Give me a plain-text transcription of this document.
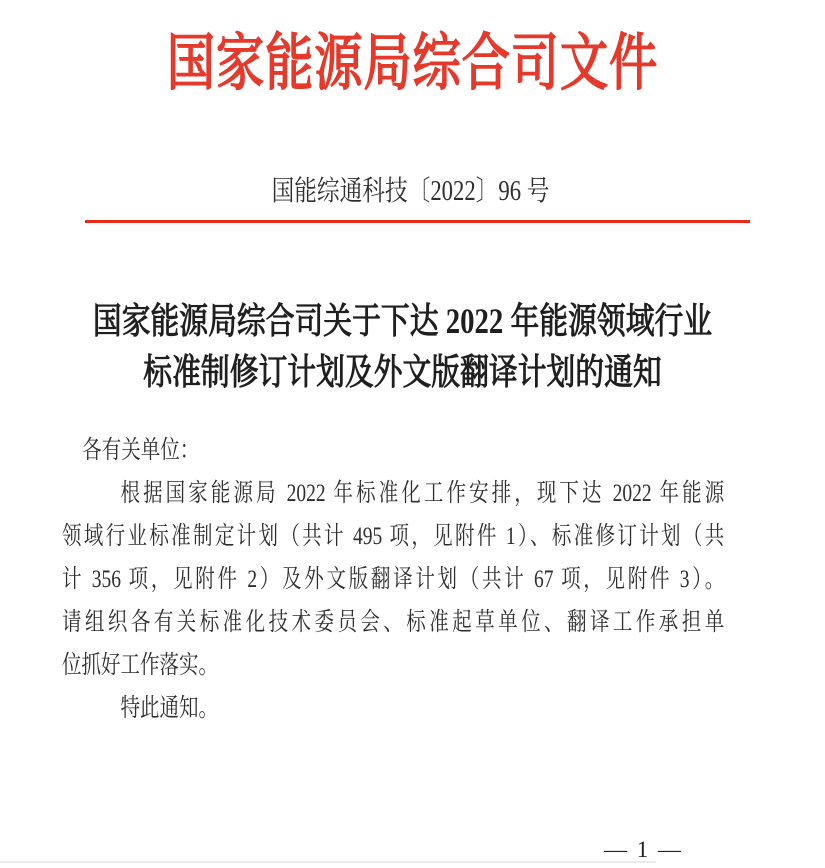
国家能源局综合司文件
国能综通科技〔2022〕96 号
国家能源局综合司关于下达 2022 年能源领域行业
标准制修订计划及外文版翻译计划的通知
各有关单位：
根据国家能源局 2022 年标准化工作安排，现下达 2022 年能源
领域行业标准制定计划（共计 495 项，见附件 1）、标准修订计划（共
计 356 项，见附件 2）及外文版翻译计划（共计 67 项，见附件 3）。
请组织各有关标准化技术委员会、标准起草单位、翻译工作承担单
位抓好工作落实。
特此通知。
— 1 —
